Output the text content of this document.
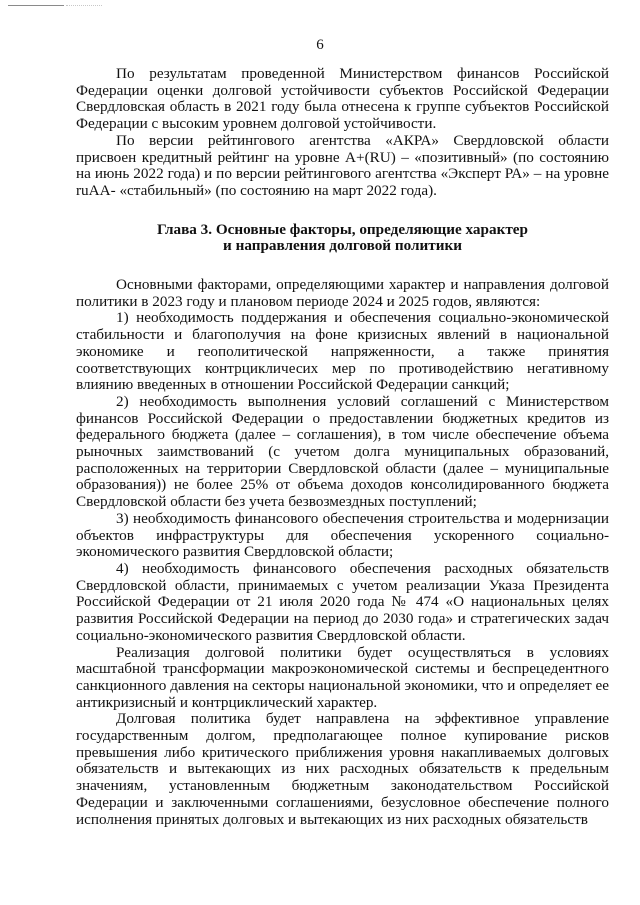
6

По результатам проведенной Министерством финансов Российской Федерации оценки долговой устойчивости субъектов Российской Федерации Свердловская область в 2021 году была отнесена к группе субъектов Российской Федерации с высоким уровнем долговой устойчивости.

По версии рейтингового агентства «АКРА» Свердловской области присвоен кредитный рейтинг на уровне А+(RU) – «позитивный» (по состоянию на июнь 2022 года) и по версии рейтингового агентства «Эксперт РА» – на уровне ruAA- «стабильный» (по состоянию на март 2022 года).

Глава 3. Основные факторы, определяющие характер
и направления долговой политики

Основными факторами, определяющими характер и направления долговой политики в 2023 году и плановом периоде 2024 и 2025 годов, являются:

1) необходимость поддержания и обеспечения социально-экономической стабильности и благополучия на фоне кризисных явлений в национальной экономике и геополитической напряженности, а также принятия соответствующих контрцикличесих мер по противодействию негативному влиянию введенных в отношении Российской Федерации санкций;

2) необходимость выполнения условий соглашений с Министерством финансов Российской Федерации о предоставлении бюджетных кредитов из федерального бюджета (далее – соглашения), в том числе обеспечение объема рыночных заимствований (с учетом долга муниципальных образований, расположенных на территории Свердловской области (далее – муниципальные образования)) не более 25% от объема доходов консолидированного бюджета Свердловской области без учета безвозмездных поступлений;

3) необходимость финансового обеспечения строительства и модернизации объектов инфраструктуры для обеспечения ускоренного социально-экономического развития Свердловской области;

4) необходимость финансового обеспечения расходных обязательств Свердловской области, принимаемых с учетом реализации Указа Президента Российской Федерации от 21 июля 2020 года № 474 «О национальных целях развития Российской Федерации на период до 2030 года» и стратегических задач социально-экономического развития Свердловской области.

Реализация долговой политики будет осуществляться в условиях масштабной трансформации макроэкономической системы и беспрецедентного санкционного давления на секторы национальной экономики, что и определяет ее антикризисный и контрциклический характер.

Долговая политика будет направлена на эффективное управление государственным долгом, предполагающее полное купирование рисков превышения либо критического приближения уровня накапливаемых долговых обязательств и вытекающих из них расходных обязательств к предельным значениям, установленным бюджетным законодательством Российской Федерации и заключенными соглашениями, безусловное обеспечение полного исполнения принятых долговых и вытекающих из них расходных обязательств
